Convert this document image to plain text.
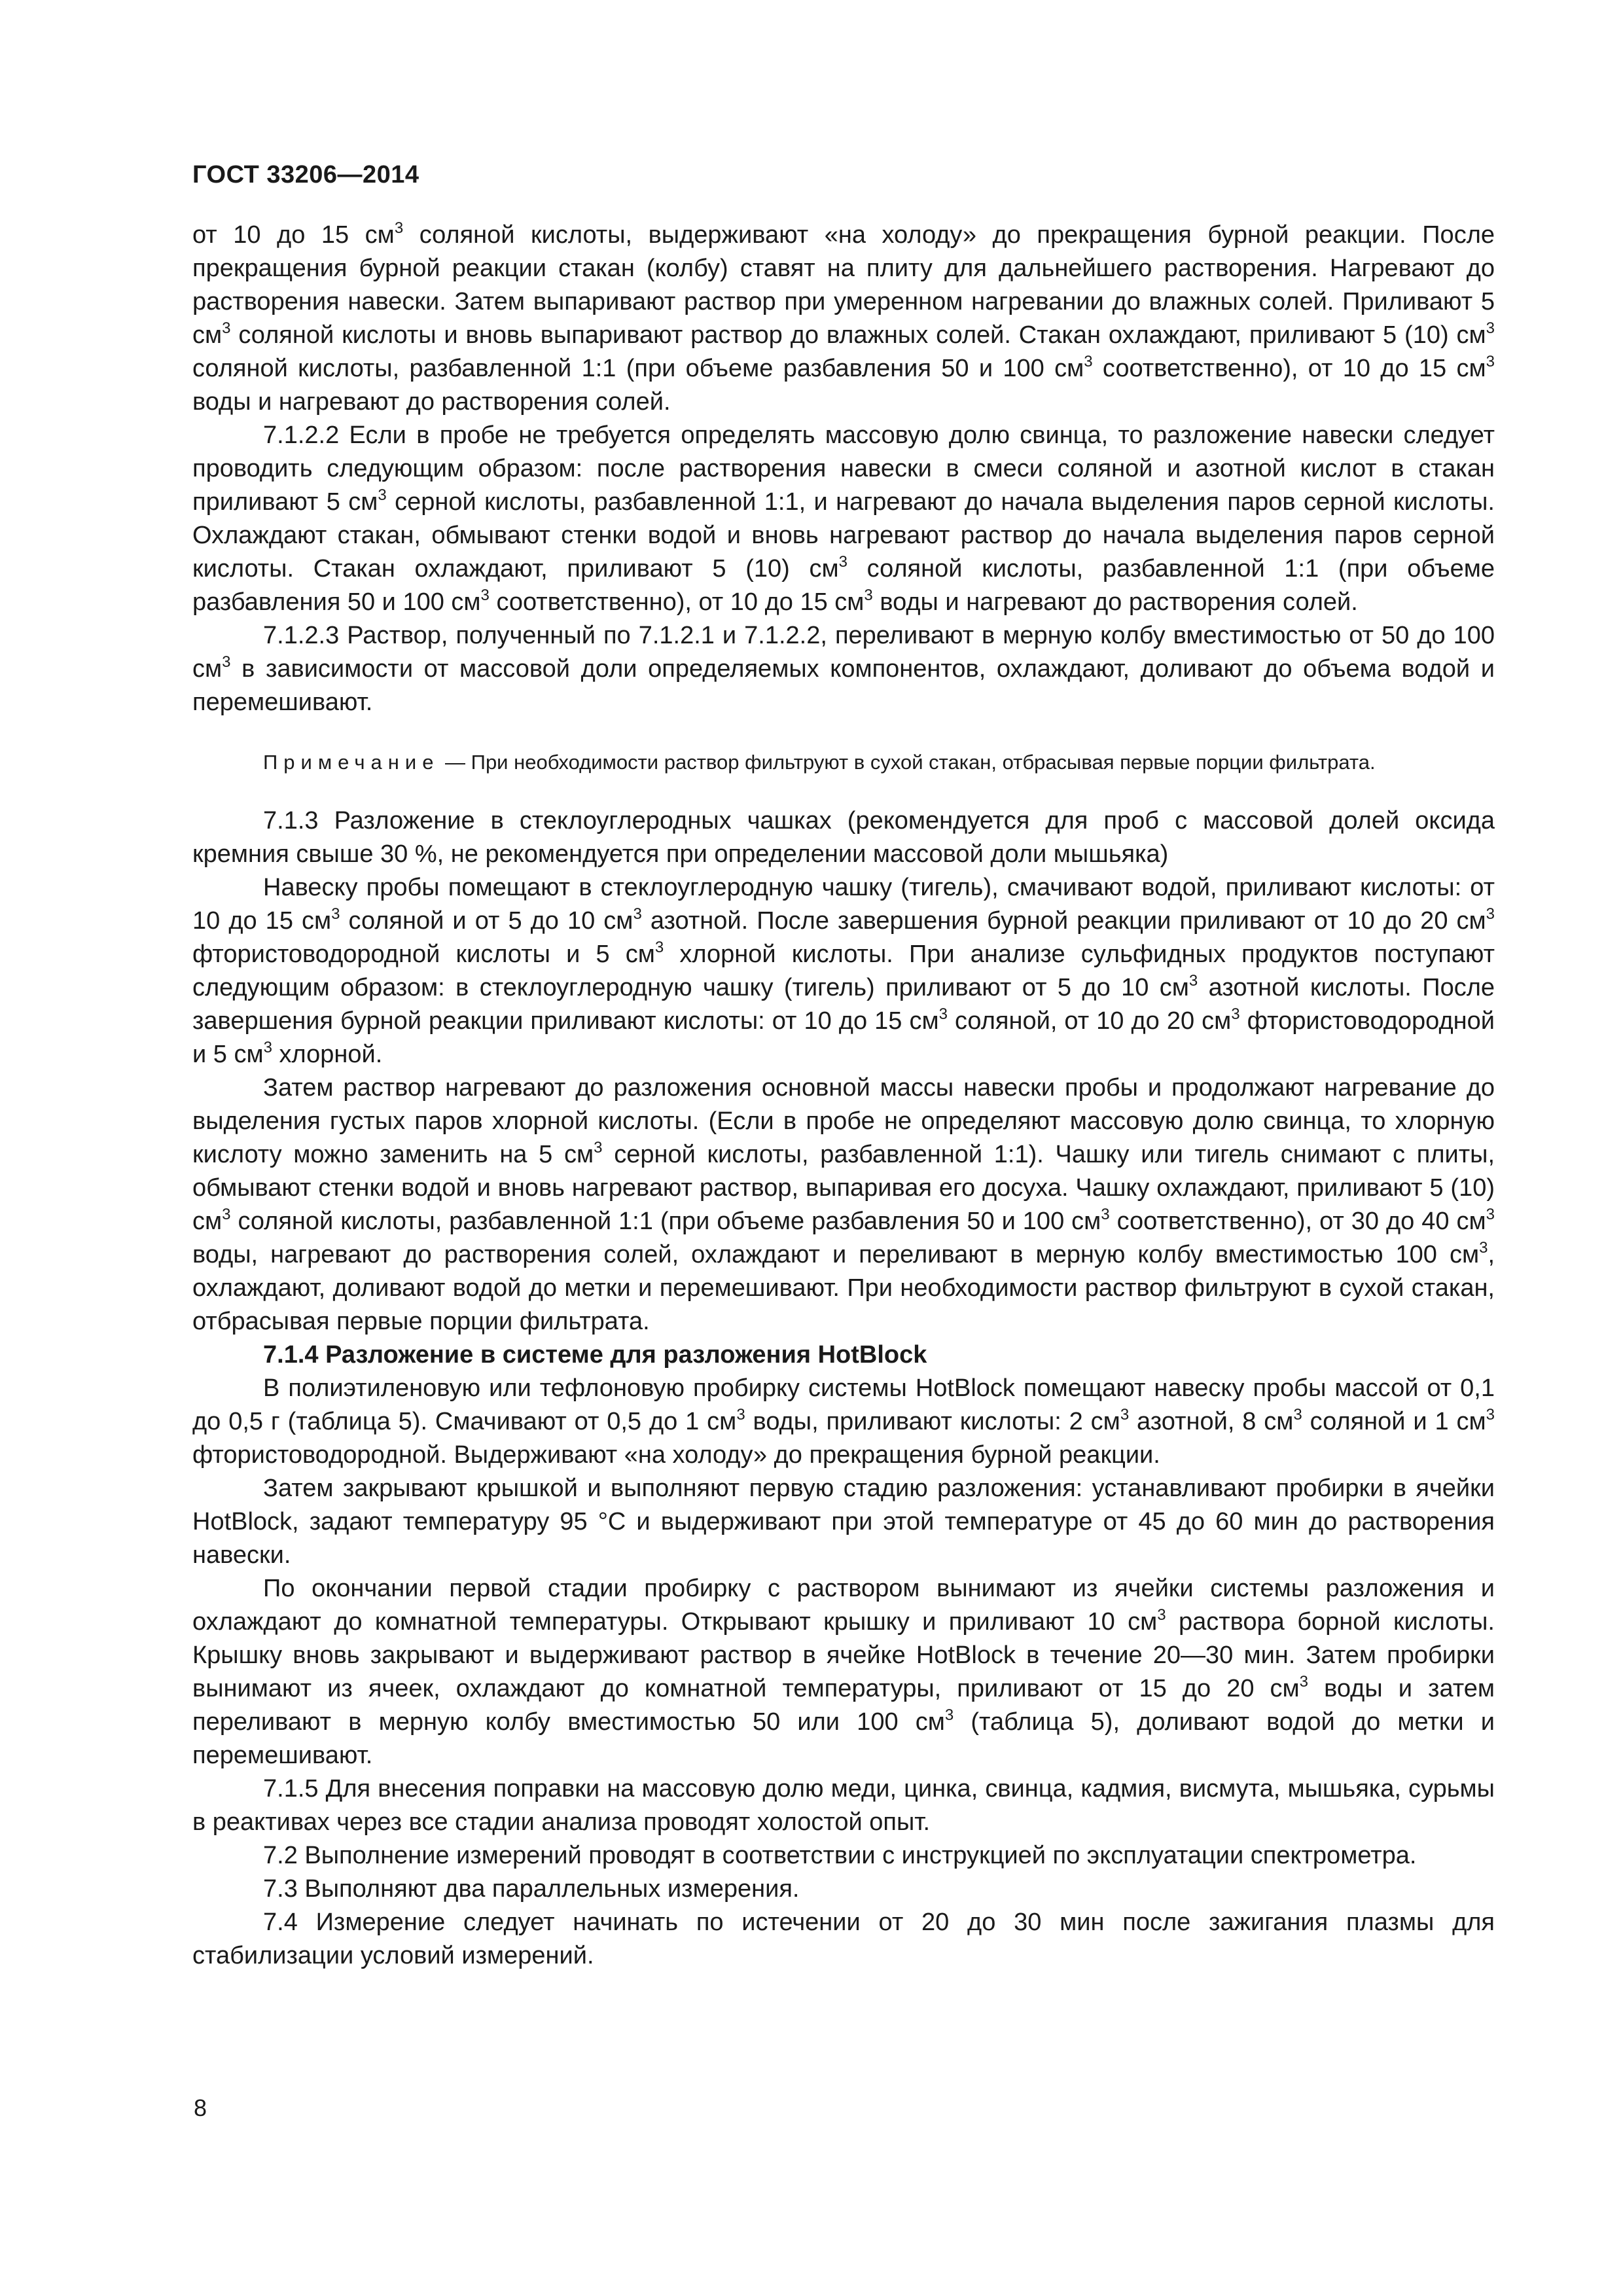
ГОСТ 33206—2014

от 10 до 15 $см^3$ соляной кислоты, выдерживают «на холоду» до прекращения бурной реакции. После прекращения бурной реакции стакан (колбу) ставят на плиту для дальнейшего растворения. Нагревают до растворения навески. Затем выпаривают раствор при умеренном нагревании до влажных солей. Приливают 5 $см^3$ соляной кислоты и вновь выпаривают раствор до влажных солей. Стакан охлаждают, приливают 5 (10) $см^3$ соляной кислоты, разбавленной 1:1 (при объеме разбавления 50 и 100 $см^3$ соответственно), от 10 до 15 $см^3$ воды и нагревают до растворения солей.

7.1.2.2 Если в пробе не требуется определять массовую долю свинца, то разложение навески следует проводить следующим образом: после растворения навески в смеси соляной и азотной кислот в стакан приливают 5 $см^3$ серной кислоты, разбавленной 1:1, и нагревают до начала выделения паров серной кислоты. Охлаждают стакан, обмывают стенки водой и вновь нагревают раствор до начала выделения паров серной кислоты. Стакан охлаждают, приливают 5 (10) $см^3$ соляной кислоты, разбавленной 1:1 (при объеме разбавления 50 и 100 $см^3$ соответственно), от 10 до 15 $см^3$ воды и нагревают до растворения солей.

7.1.2.3 Раствор, полученный по 7.1.2.1 и 7.1.2.2, переливают в мерную колбу вместимостью от 50 до 100 $см^3$ в зависимости от массовой доли определяемых компонентов, охлаждают, доливают до объема водой и перемешивают.

Примечание — При необходимости раствор фильтруют в сухой стакан, отбрасывая первые порции фильтрата.

7.1.3 Разложение в стеклоуглеродных чашках (рекомендуется для проб с массовой долей оксида кремния свыше 30 %, не рекомендуется при определении массовой доли мышьяка)

Навеску пробы помещают в стеклоуглеродную чашку (тигель), смачивают водой, приливают кислоты: от 10 до 15 $см^3$ соляной и от 5 до 10 $см^3$ азотной. После завершения бурной реакции приливают от 10 до 20 $см^3$ фтористоводородной кислоты и 5 $см^3$ хлорной кислоты. При анализе сульфидных продуктов поступают следующим образом: в стеклоуглеродную чашку (тигель) приливают от 5 до 10 $см^3$ азотной кислоты. После завершения бурной реакции приливают кислоты: от 10 до 15 $см^3$ соляной, от 10 до 20 $см^3$ фтористоводородной и 5 $см^3$ хлорной.

Затем раствор нагревают до разложения основной массы навески пробы и продолжают нагревание до выделения густых паров хлорной кислоты. (Если в пробе не определяют массовую долю свинца, то хлорную кислоту можно заменить на 5 $см^3$ серной кислоты, разбавленной 1:1). Чашку или тигель снимают с плиты, обмывают стенки водой и вновь нагревают раствор, выпаривая его досуха. Чашку охлаждают, приливают 5 (10) $см^3$ соляной кислоты, разбавленной 1:1 (при объеме разбавления 50 и 100 $см^3$ соответственно), от 30 до 40 $см^3$ воды, нагревают до растворения солей, охлаждают и переливают в мерную колбу вместимостью 100 $см^3$, охлаждают, доливают водой до метки и перемешивают. При необходимости раствор фильтруют в сухой стакан, отбрасывая первые порции фильтрата.

7.1.4 Разложение в системе для разложения HotBlock

В полиэтиленовую или тефлоновую пробирку системы HotBlock помещают навеску пробы массой от 0,1 до 0,5 г (таблица 5). Смачивают от 0,5 до 1 $см^3$ воды, приливают кислоты: 2 $см^3$ азотной, 8 $см^3$ соляной и 1 $см^3$ фтористоводородной. Выдерживают «на холоду» до прекращения бурной реакции.

Затем закрывают крышкой и выполняют первую стадию разложения: устанавливают пробирки в ячейки HotBlock, задают температуру 95 °С и выдерживают при этой температуре от 45 до 60 мин до растворения навески.

По окончании первой стадии пробирку с раствором вынимают из ячейки системы разложения и охлаждают до комнатной температуры. Открывают крышку и приливают 10 $см^3$ раствора борной кислоты. Крышку вновь закрывают и выдерживают раствор в ячейке HotBlock в течение 20—30 мин. Затем пробирки вынимают из ячеек, охлаждают до комнатной температуры, приливают от 15 до 20 $см^3$ воды и затем переливают в мерную колбу вместимостью 50 или 100 $см^3$ (таблица 5), доливают водой до метки и перемешивают.

7.1.5 Для внесения поправки на массовую долю меди, цинка, свинца, кадмия, висмута, мышьяка, сурьмы в реактивах через все стадии анализа проводят холостой опыт.

7.2 Выполнение измерений проводят в соответствии с инструкцией по эксплуатации спектрометра.

7.3 Выполняют два параллельных измерения.

7.4 Измерение следует начинать по истечении от 20 до 30 мин после зажигания плазмы для стабилизации условий измерений.

8
